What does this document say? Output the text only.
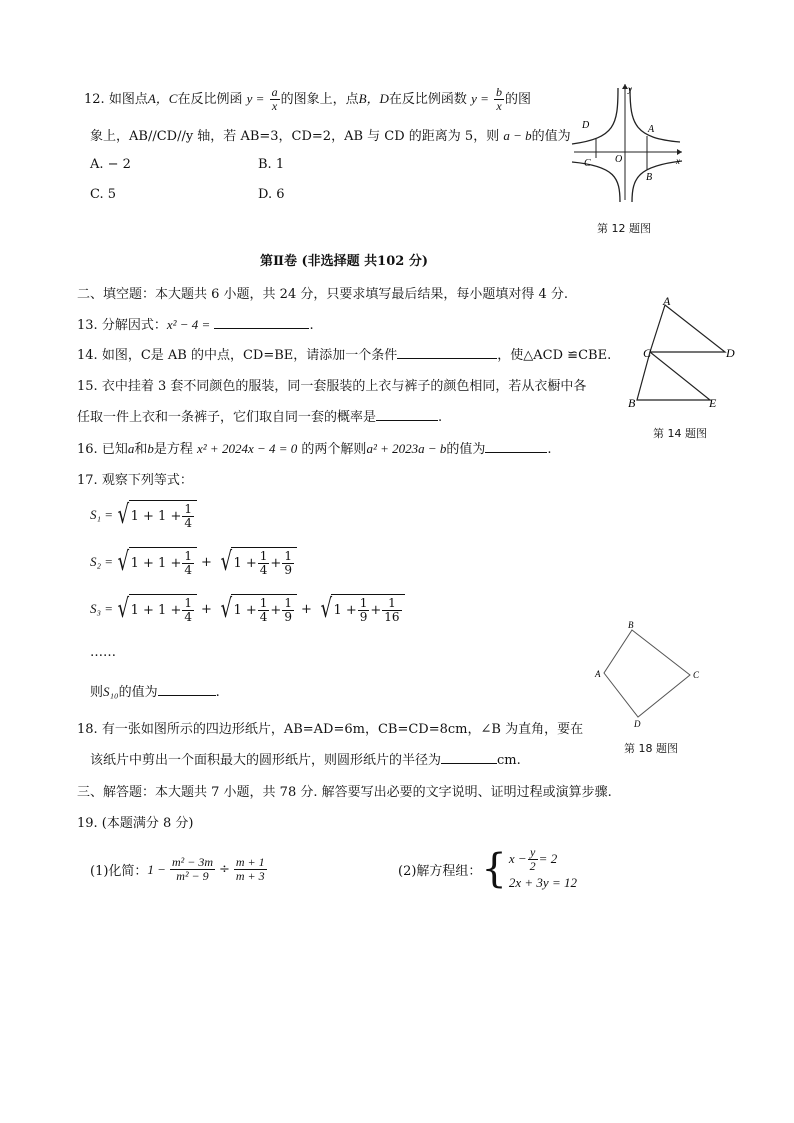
12. 如图点A，C在反比例函 $y = \frac{a}{x}$ 的图象上，点B，D在反比例函数 $y = \frac{b}{x}$ 的图
象上，AB//CD//y 轴，若 AB=3，CD=2，AB 与 CD 的距离为 5，则 a − b的值为
A. − 2	B. 1
C. 5	D. 6
y
x
O
A
B
C
D
第 12 题图
第Ⅱ卷 (非选择题 共102 分)
二、填空题：本大题共 6 小题，共 24 分，只要求填写最后结果，每小题填对得 4 分.
13. 分解因式：x² − 4 =	.
14. 如图，C是 AB 的中点，CD=BE，请添加一个条件	，使△ACD ≌CBE.
A
C	D
B	E
第 14 题图
15. 衣中挂着 3 套不同颜色的服装，同一套服装的上衣与裤子的颜色相同，若从衣橱中各
任取一件上衣和一条裤子，它们取自同一套的概率是	.
16. 已知a和b是方程 x² + 2024x − 4 = 0 的两个解则a² + 2023a − b的值为	.
17. 观察下列等式：
S₁ = √ $1 + 1 + \frac{1}{4}$
S₂ = √ $1 + 1 + \frac{1}{4}$ + √ $1 + \frac{1}{4} + \frac{1}{9}$
S₃ = √ $1 + 1 + \frac{1}{4}$ + √ $1 + \frac{1}{4} + \frac{1}{9}$ + √ $1 + \frac{1}{9} + \frac{1}{16}$
……
则S₁₀的值为	.
B
C
D
A
第 18 题图
18. 有一张如图所示的四边形纸片，AB=AD=6m，CB=CD=8cm，∠B 为直角，要在
该纸片中剪出一个面积最大的圆形纸片，则圆形纸片的半径为	cm.
三、解答题：本大题共 7 小题，共 78 分. 解答要写出必要的文字说明、证明过程或演算步骤.
19. (本题满分 8 分)
(1)化简： $1 - \frac{\text{m² − 3m}}{\text{m² − 9}} \div \frac{m + 1}{m + 3}$	(2)解方程组： { $x - \frac{y}{2} = 2$
2x + 3y = 12
